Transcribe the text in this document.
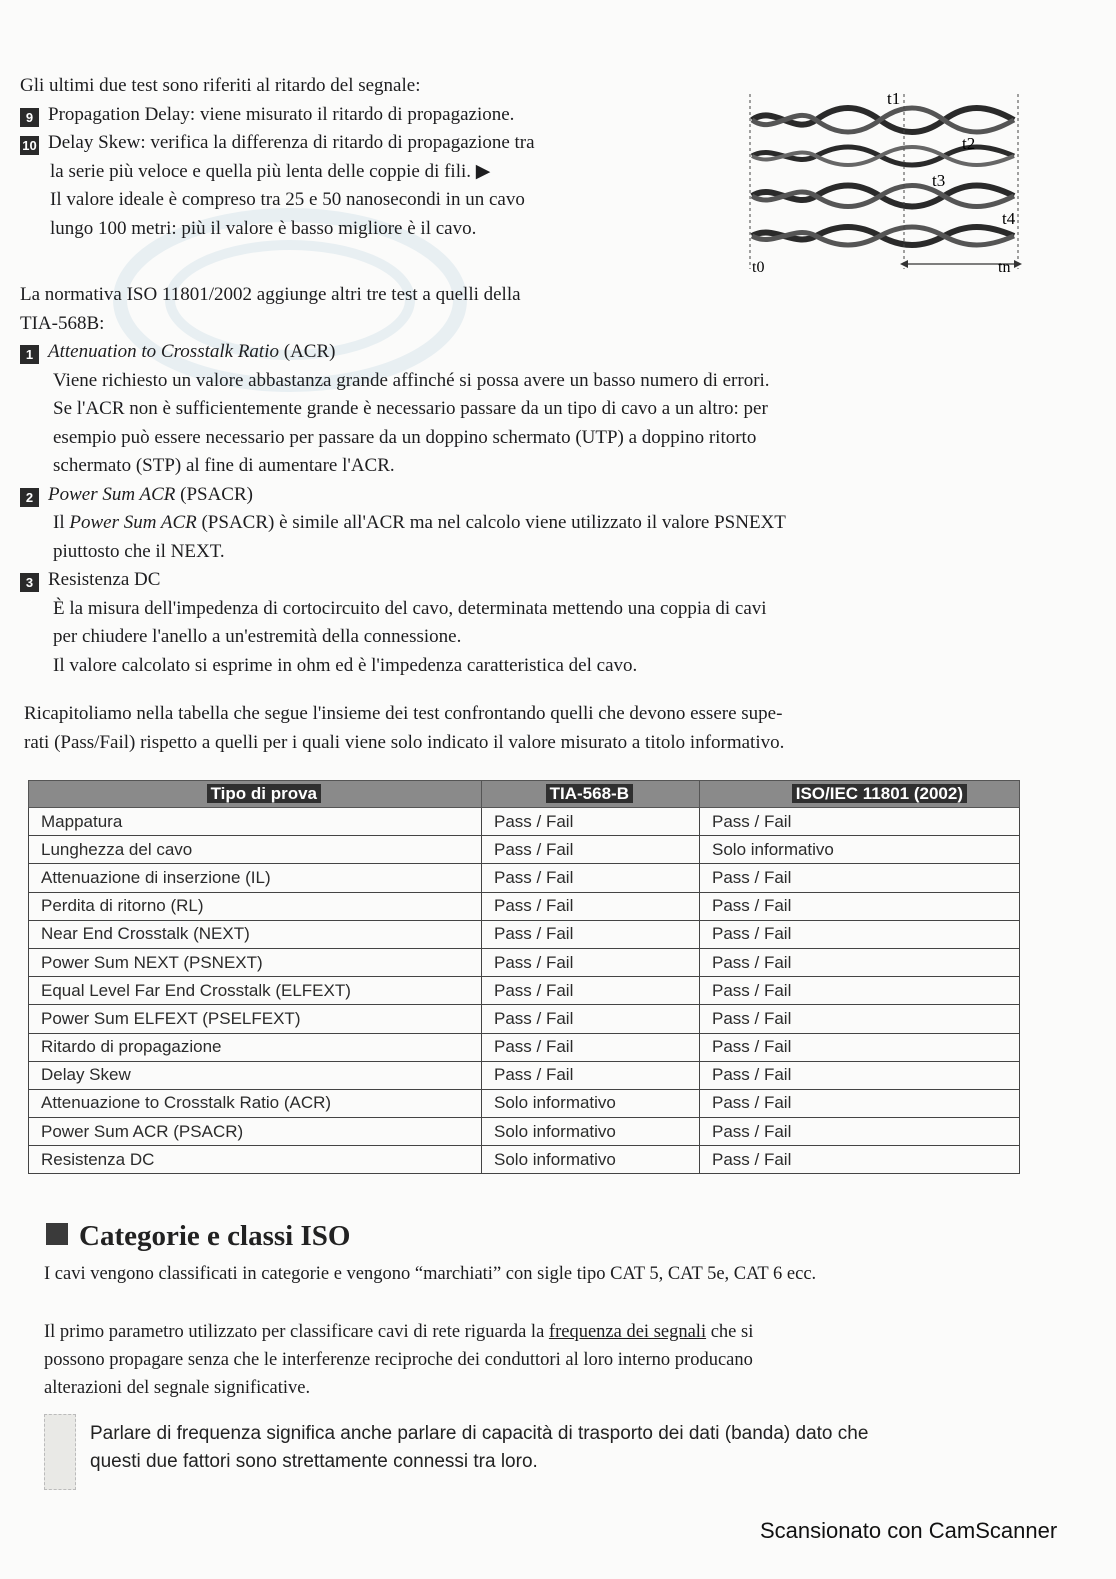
Gli ultimi due test sono riferiti al ritardo del segnale:

9 Propagation Delay: viene misurato il ritardo di propagazione.

10 Delay Skew: verifica la differenza di ritardo di propagazione tra

la serie più veloce e quella più lenta delle coppie di fili. ▶

Il valore ideale è compreso tra 25 e 50 nanosecondi in un cavo

lungo 100 metri: più il valore è basso migliore è il cavo.

t0
t1
t2
t3
t4
tn

La normativa ISO 11801/2002 aggiunge altri tre test a quelli della

TIA-568B:

1 Attenuation to Crosstalk Ratio (ACR)

Viene richiesto un valore abbastanza grande affinché si possa avere un basso numero di errori.

Se l'ACR non è sufficientemente grande è necessario passare da un tipo di cavo a un altro: per

esempio può essere necessario per passare da un doppino schermato (UTP) a doppino ritorto

schermato (STP) al fine di aumentare l'ACR.

2 Power Sum ACR (PSACR)

Il Power Sum ACR (PSACR) è simile all'ACR ma nel calcolo viene utilizzato il valore PSNEXT

piuttosto che il NEXT.

3 Resistenza DC

È la misura dell'impedenza di cortocircuito del cavo, determinata mettendo una coppia di cavi

per chiudere l'anello a un'estremità della connessione.

Il valore calcolato si esprime in ohm ed è l'impedenza caratteristica del cavo.

Ricapitoliamo nella tabella che segue l'insieme dei test confrontando quelli che devono essere supe-

rati (Pass/Fail) rispetto a quelli per i quali viene solo indicato il valore misurato a titolo informativo.

Tipo di prova	TIA-568-B	ISO/IEC 11801 (2002)
Mappatura	Pass / Fail	Pass / Fail
Lunghezza del cavo	Pass / Fail	Solo informativo
Attenuazione di inserzione (IL)	Pass / Fail	Pass / Fail
Perdita di ritorno (RL)	Pass / Fail	Pass / Fail
Near End Crosstalk (NEXT)	Pass / Fail	Pass / Fail
Power Sum NEXT (PSNEXT)	Pass / Fail	Pass / Fail
Equal Level Far End Crosstalk (ELFEXT)	Pass / Fail	Pass / Fail
Power Sum ELFEXT (PSELFEXT)	Pass / Fail	Pass / Fail
Ritardo di propagazione	Pass / Fail	Pass / Fail
Delay Skew	Pass / Fail	Pass / Fail
Attenuazione to Crosstalk Ratio (ACR)	Solo informativo	Pass / Fail
Power Sum ACR (PSACR)	Solo informativo	Pass / Fail
Resistenza DC	Solo informativo	Pass / Fail
Categorie e classi ISO

I cavi vengono classificati in categorie e vengono “marchiati” con sigle tipo CAT 5, CAT 5e, CAT 6 ecc.

Il primo parametro utilizzato per classificare cavi di rete riguarda la frequenza dei segnali che si

possono propagare senza che le interferenze reciproche dei conduttori al loro interno producano

alterazioni del segnale significative.

Parlare di frequenza significa anche parlare di capacità di trasporto dei dati (banda) dato che

questi due fattori sono strettamente connessi tra loro.

Scansionato con CamScanner
